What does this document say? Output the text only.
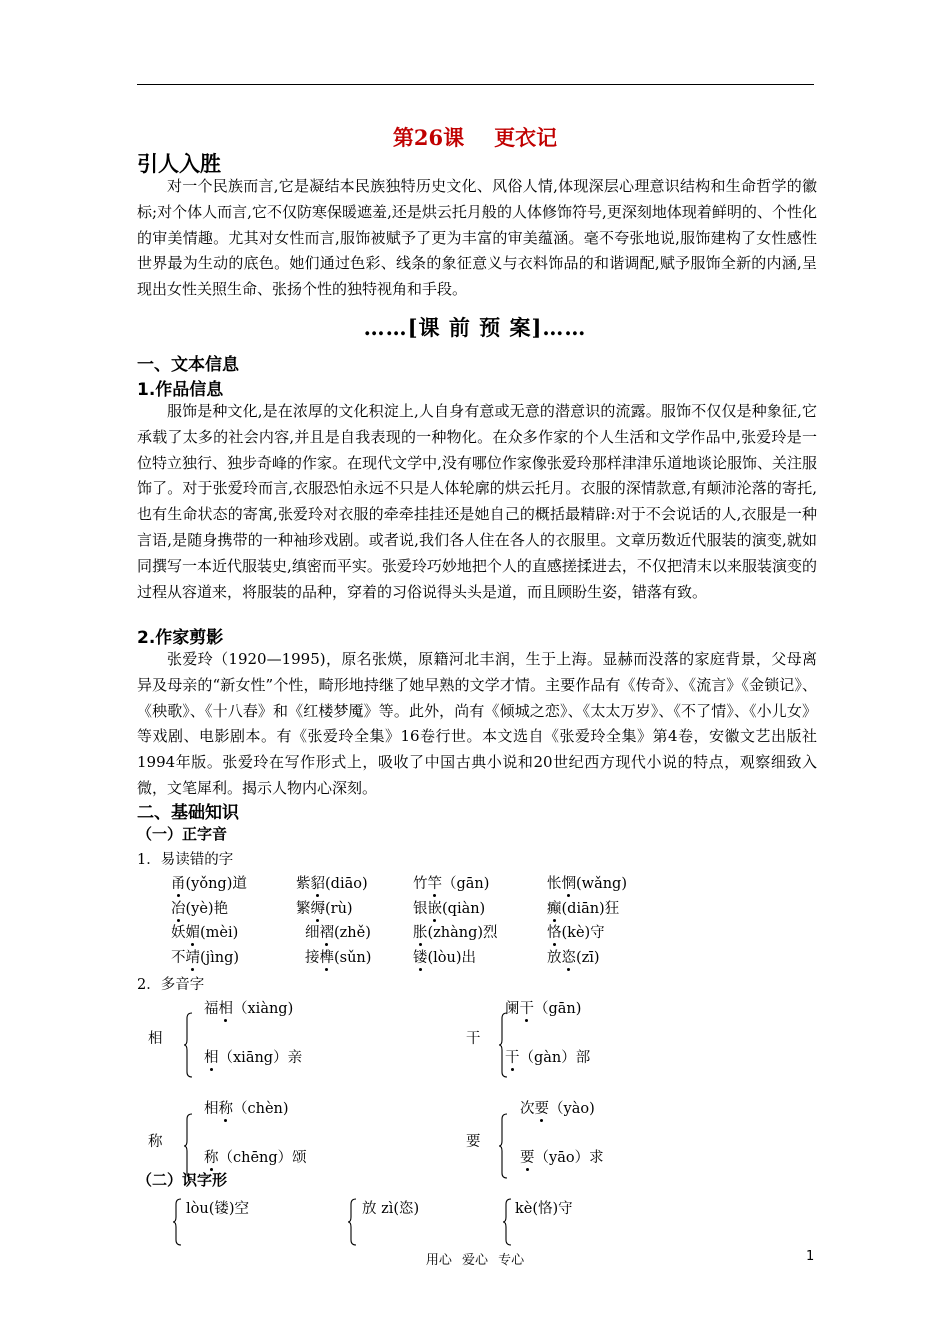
第26课 更衣记
引人入胜

对一个民族而言,它是凝结本民族独特历史文化、风俗人情,体现深层心理意识结构和生命哲学的徽标;对个体人而言,它不仅防寒保暖遮羞,还是烘云托月般的人体修饰符号,更深刻地体现着鲜明的、个性化的审美情趣。尤其对女性而言,服饰被赋予了更为丰富的审美蕴涵。毫不夸张地说,服饰建构了女性感性世界最为生动的底色。她们通过色彩、线条的象征意义与衣料饰品的和谐调配,赋予服饰全新的内涵,呈现出女性关照生命、张扬个性的独特视角和手段。

……[课 前 预 案]……
一、文本信息
1.作品信息

服饰是种文化,是在浓厚的文化积淀上,人自身有意或无意的潜意识的流露。服饰不仅仅是种象征,它承载了太多的社会内容,并且是自我表现的一种物化。在众多作家的个人生活和文学作品中,张爱玲是一位特立独行、独步奇峰的作家。在现代文学中,没有哪位作家像张爱玲那样津津乐道地谈论服饰、关注服饰了。对于张爱玲而言,衣服恐怕永远不只是人体轮廓的烘云托月。衣服的深情款意,有颠沛沦落的寄托,也有生命状态的寄寓,张爱玲对衣服的牵牵挂挂还是她自己的概括最精辟:对于不会说话的人,衣服是一种言语,是随身携带的一种袖珍戏剧。或者说,我们各人住在各人的衣服里。文章历数近代服装的演变,就如同撰写一本近代服装史,缜密而平实。张爱玲巧妙地把个人的直感搓揉进去，不仅把清末以来服装演变的过程从容道来，将服装的品种，穿着的习俗说得头头是道，而且顾盼生姿，错落有致。

2.作家剪影

张爱玲（1920—1995)，原名张煐，原籍河北丰润，生于上海。显赫而没落的家庭背景，父母离异及母亲的“新女性”个性，畸形地持继了她早熟的文学才情。主要作品有《传奇》、《流言》《金锁记》、《秧歌》、《十八春》和《红楼梦魇》等。此外，尚有《倾城之恋》、《太太万岁》、《不了情》、《小儿女》等戏剧、电影剧本。有《张爱玲全集》16卷行世。本文选自《张爱玲全集》第4卷，安徽文艺出版社1994年版。张爱玲在写作形式上，吸收了中国古典小说和20世纪西方现代小说的特点，观察细致入微，文笔犀利。揭示人物内心深刻。

二、基础知识
（一）正字音
1．易读错的字
2．多音字
（二）识字形
用心 爱心 专心	1
甬(yǒng)道	紫貂(diāo)	竹竿（gān)	怅惘(wǎng)
冶(yè)艳	繁缛(rù)	银嵌(qiàn)	癫(diān)狂
妖媚(mèi)	细褶(zhě)	胀(zhàng)烈	恪(kè)守
不靖(jìng)	接榫(sǔn)	镂(lòu)出	放恣(zī)
相
福相（xiàng)
相（xiāng）亲
干
阑干（gān)
干（gàn）部
称
相称（chèn)
称（chēng）颂
要
次要（yào)
要（yāo）求
lòu(镂)空	放 zì(恣)	kè(恪)守
